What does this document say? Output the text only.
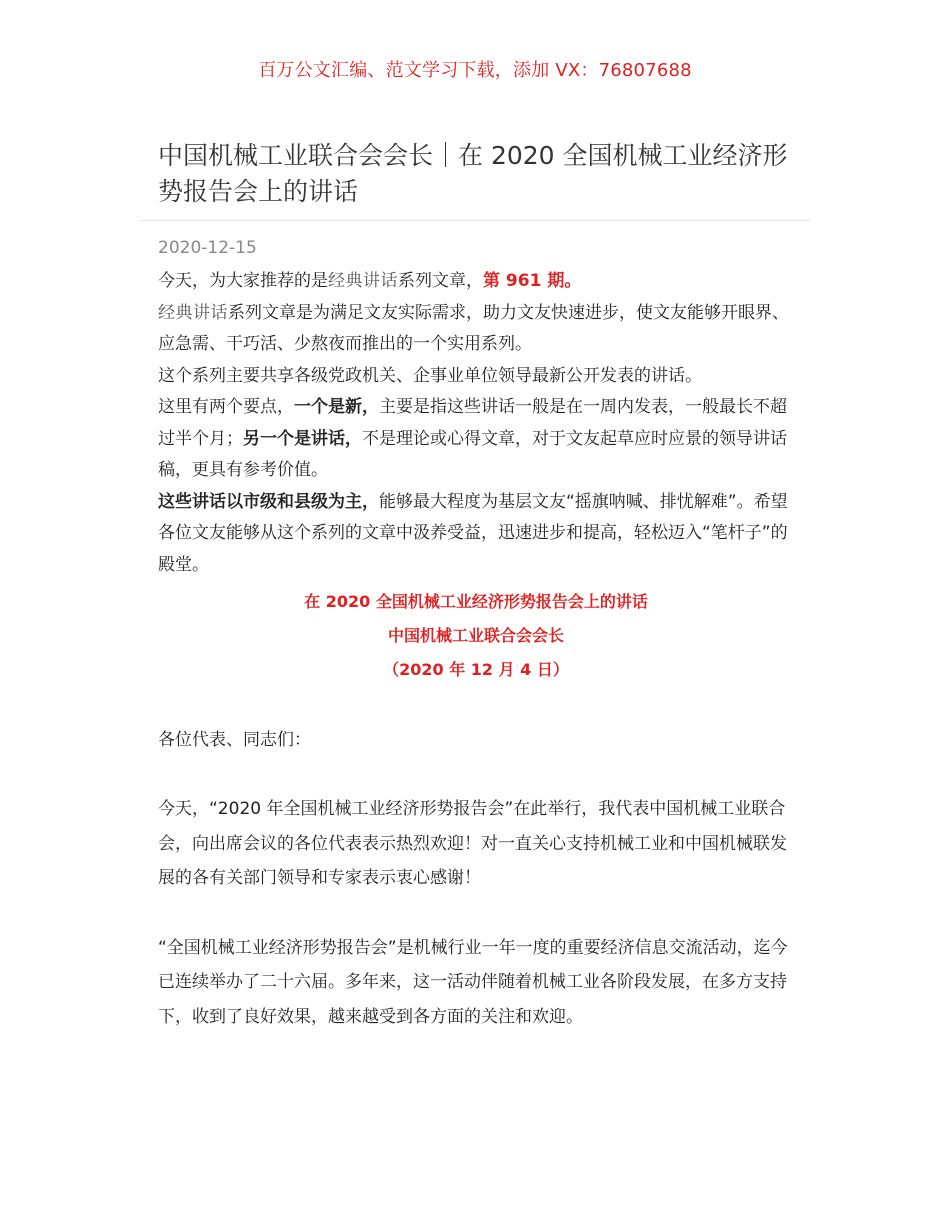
百万公文汇编、范文学习下载，添加 VX：76807688
中国机械工业联合会会长｜在 2020 全国机械工业经济形势报告会上的讲话
2020-12-15

今天，为大家推荐的是经典讲话系列文章，第 961 期。

经典讲话系列文章是为满足文友实际需求，助力文友快速进步，使文友能够开眼界、应急需、干巧活、少熬夜而推出的一个实用系列。

这个系列主要共享各级党政机关、企事业单位领导最新公开发表的讲话。

这里有两个要点，一个是新，主要是指这些讲话一般是在一周内发表，一般最长不超过半个月；另一个是讲话，不是理论或心得文章，对于文友起草应时应景的领导讲话稿，更具有参考价值。

这些讲话以市级和县级为主，能够最大程度为基层文友“摇旗呐喊、排忧解难”。希望各位文友能够从这个系列的文章中汲养受益，迅速进步和提高，轻松迈入“笔杆子”的殿堂。

在 2020 全国机械工业经济形势报告会上的讲话
中国机械工业联合会会长
（2020 年 12 月 4 日）

各位代表、同志们：

今天，“2020 年全国机械工业经济形势报告会”在此举行，我代表中国机械工业联合会，向出席会议的各位代表表示热烈欢迎！对一直关心支持机械工业和中国机械联发展的各有关部门领导和专家表示衷心感谢！

“全国机械工业经济形势报告会”是机械行业一年一度的重要经济信息交流活动，迄今已连续举办了二十六届。多年来，这一活动伴随着机械工业各阶段发展，在多方支持下，收到了良好效果，越来越受到各方面的关注和欢迎。
